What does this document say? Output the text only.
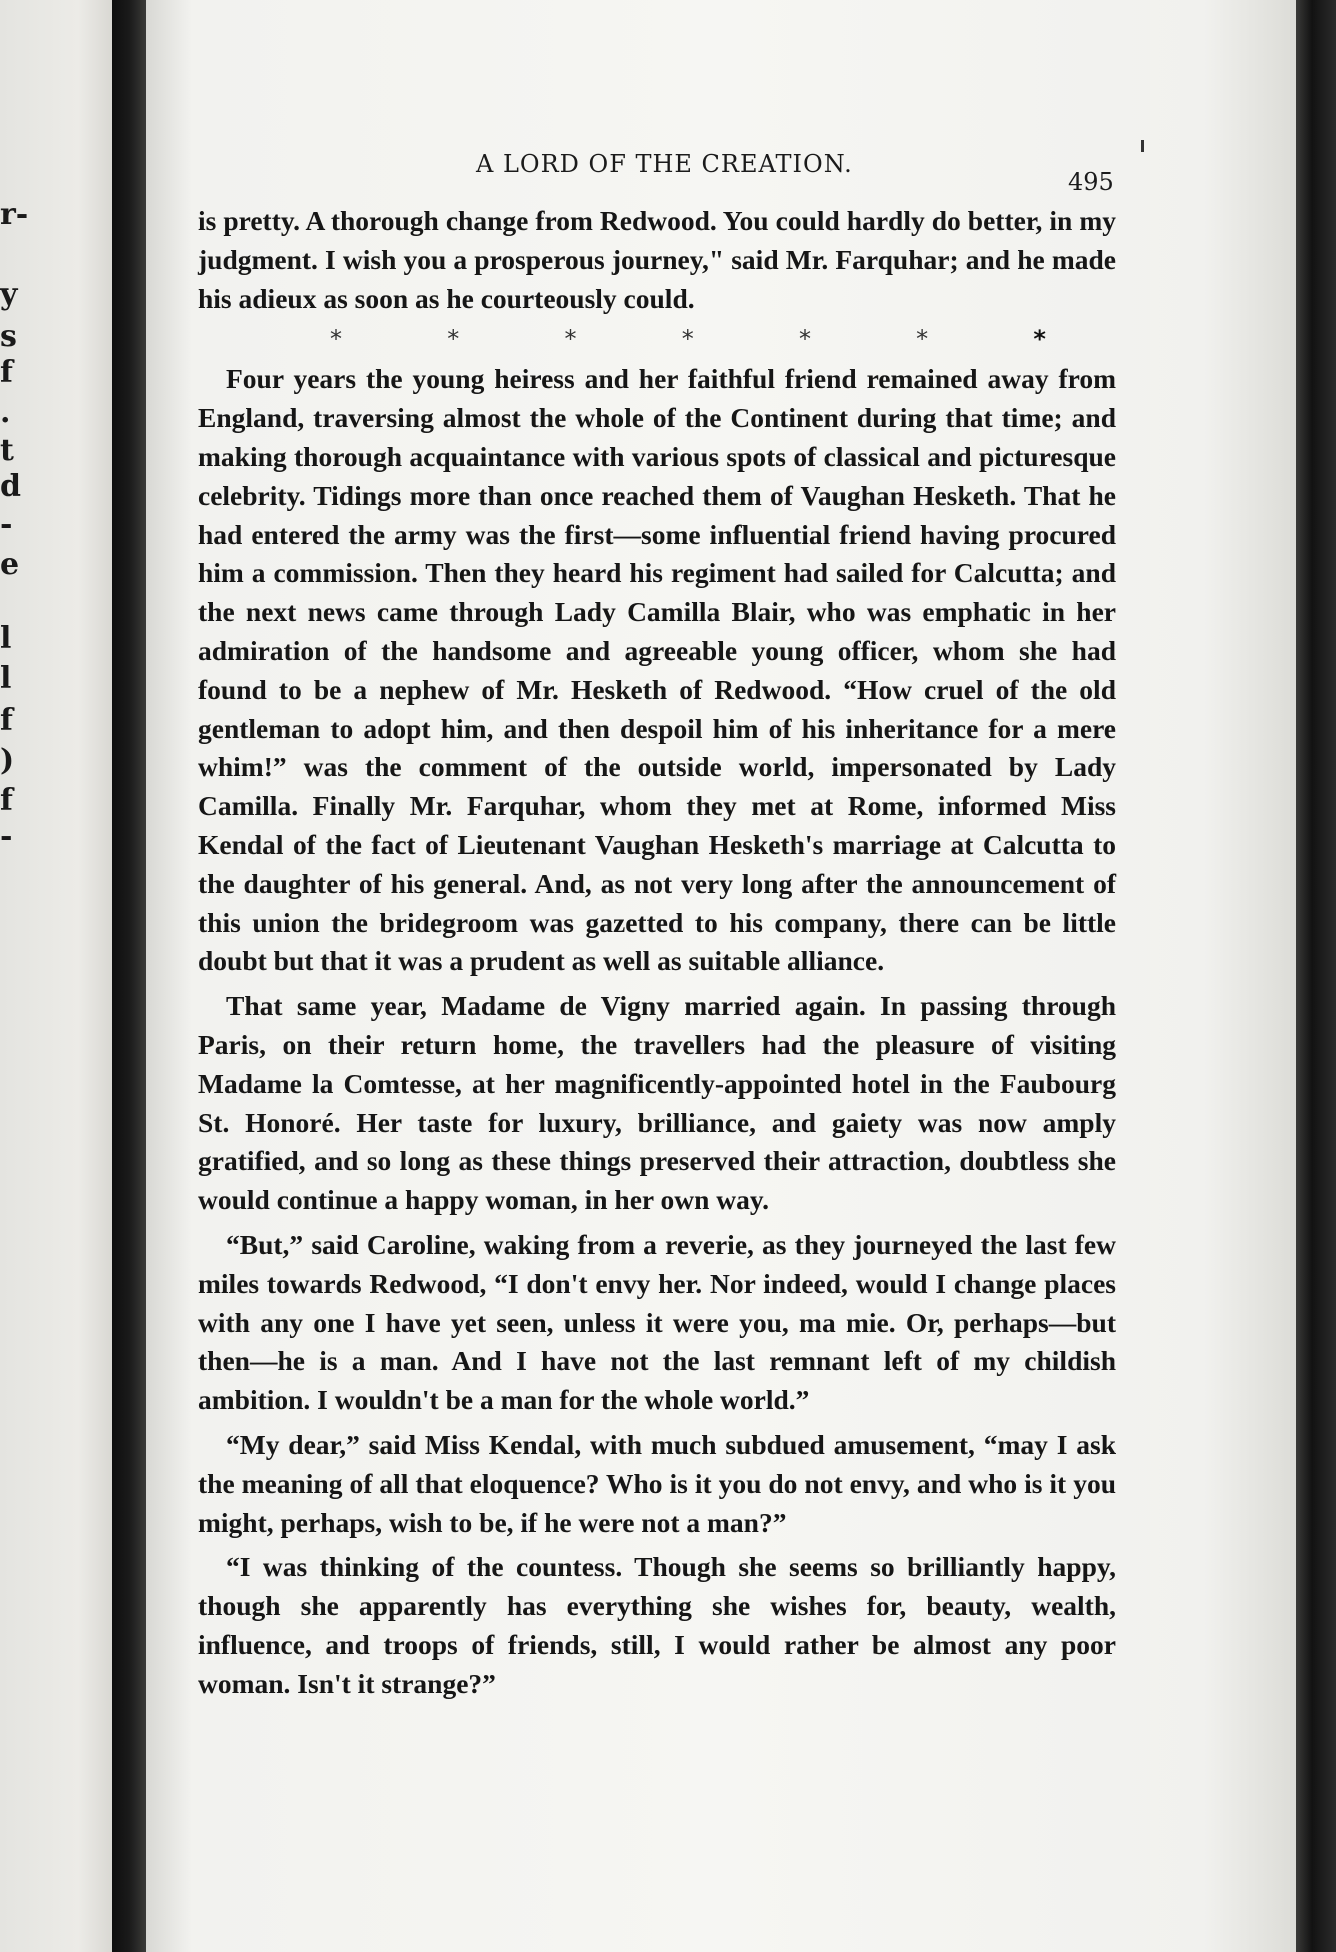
r-
y
s
f
.
t
d
-
e
l
l
f
)
f
-
A LORD OF THE CREATION.
495

is pretty. A thorough change from Redwood. You could hardly do better, in my judgment. I wish you a prosperous journey," said Mr. Farquhar; and he made his adieux as soon as he courteously could.

*	*	*	*	*	*	*

Four years the young heiress and her faithful friend remained away from England, traversing almost the whole of the Continent during that time; and making thorough acquaintance with various spots of classical and picturesque celebrity. Tidings more than once reached them of Vaughan Hesketh. That he had entered the army was the first—some influential friend having procured him a commission. Then they heard his regiment had sailed for Calcutta; and the next news came through Lady Camilla Blair, who was emphatic in her admiration of the handsome and agreeable young officer, whom she had found to be a nephew of Mr. Hesketh of Redwood. “How cruel of the old gentleman to adopt him, and then despoil him of his inheritance for a mere whim!” was the comment of the outside world, impersonated by Lady Camilla. Finally Mr. Farquhar, whom they met at Rome, informed Miss Kendal of the fact of Lieutenant Vaughan Hesketh's marriage at Calcutta to the daughter of his general. And, as not very long after the announcement of this union the bridegroom was gazetted to his company, there can be little doubt but that it was a prudent as well as suitable alliance.

That same year, Madame de Vigny married again. In passing through Paris, on their return home, the travellers had the pleasure of visiting Madame la Comtesse, at her magnificently-appointed hotel in the Faubourg St. Honoré. Her taste for luxury, brilliance, and gaiety was now amply gratified, and so long as these things preserved their attraction, doubtless she would continue a happy woman, in her own way.

“But,” said Caroline, waking from a reverie, as they journeyed the last few miles towards Redwood, “I don't envy her. Nor indeed, would I change places with any one I have yet seen, unless it were you, ma mie. Or, perhaps—but then—he is a man. And I have not the last remnant left of my childish ambition. I wouldn't be a man for the whole world.”

“My dear,” said Miss Kendal, with much subdued amusement, “may I ask the meaning of all that eloquence? Who is it you do not envy, and who is it you might, perhaps, wish to be, if he were not a man?”

“I was thinking of the countess. Though she seems so brilliantly happy, though she apparently has everything she wishes for, beauty, wealth, influence, and troops of friends, still, I would rather be almost any poor woman. Isn't it strange?”
